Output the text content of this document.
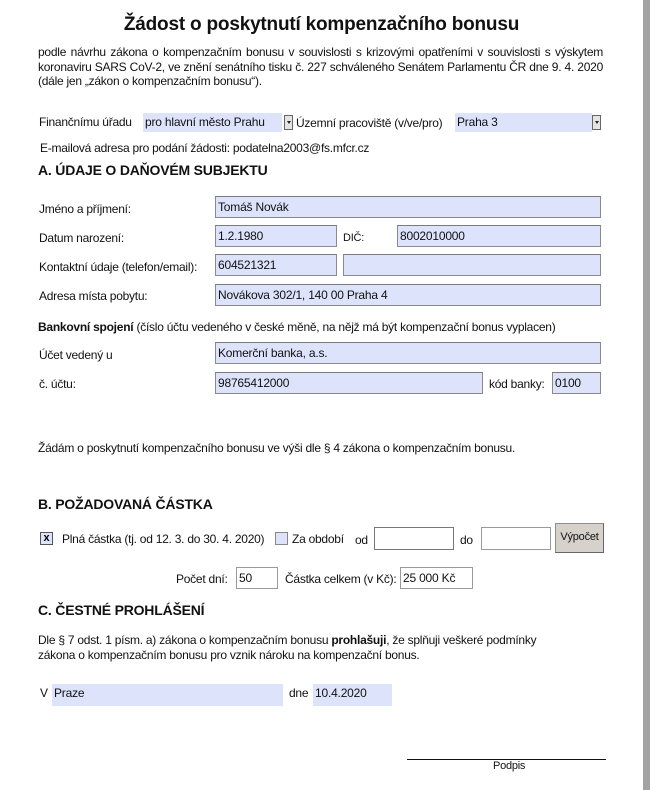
Žádost o poskytnutí kompenzačního bonusu
podle návrhu zákona o kompenzačním bonusu v souvislosti s krizovými opatřeními v souvislosti s výskytem koronaviru SARS CoV-2, ve znění senátního tisku č. 227 schváleného Senátem Parlamentu ČR dne 9. 4. 2020 (dále jen „zákon o kompenzačním bonusu“).
Finančnímu úřadu pro hlavní město Prahu	Územní pracoviště (v/ve/pro) Praha 3
E-mailová adresa pro podání žádosti: podatelna2003@fs.mfcr.cz
A. ÚDAJE O DAŇOVÉM SUBJEKTU
Jméno a příjmení:	Tomáš Novák
Datum narození:	1.2.1980	DIČ:	8002010000
Kontaktní údaje (telefon/email): 604521321
Adresa místa pobytu:	Novákova 302/1, 140 00 Praha 4
Bankovní spojení (číslo účtu vedeného v české měně, na nějž má být kompenzační bonus vyplacen)
Účet vedený u	Komerční banka, a.s.
č. účtu:	98765412000	kód banky: 0100
Žádám o poskytnutí kompenzačního bonusu ve výši dle § 4 zákona o kompenzačním bonusu.
B. POŽADOVANÁ ČÁSTKA
x Plná částka (tj. od 12. 3. do 30. 4. 2020) Za období od	do	Výpočet
Počet dní: 50	Částka celkem (v Kč): 25 000 Kč
C. ČESTNÉ PROHLÁŠENÍ
Dle § 7 odst. 1 písm. a) zákona o kompenzačním bonusu prohlašuji, že splňuji veškeré podmínky zákona o kompenzačním bonusu pro vznik nároku na kompenzační bonus.
V Praze	dne 10.4.2020
Podpis
